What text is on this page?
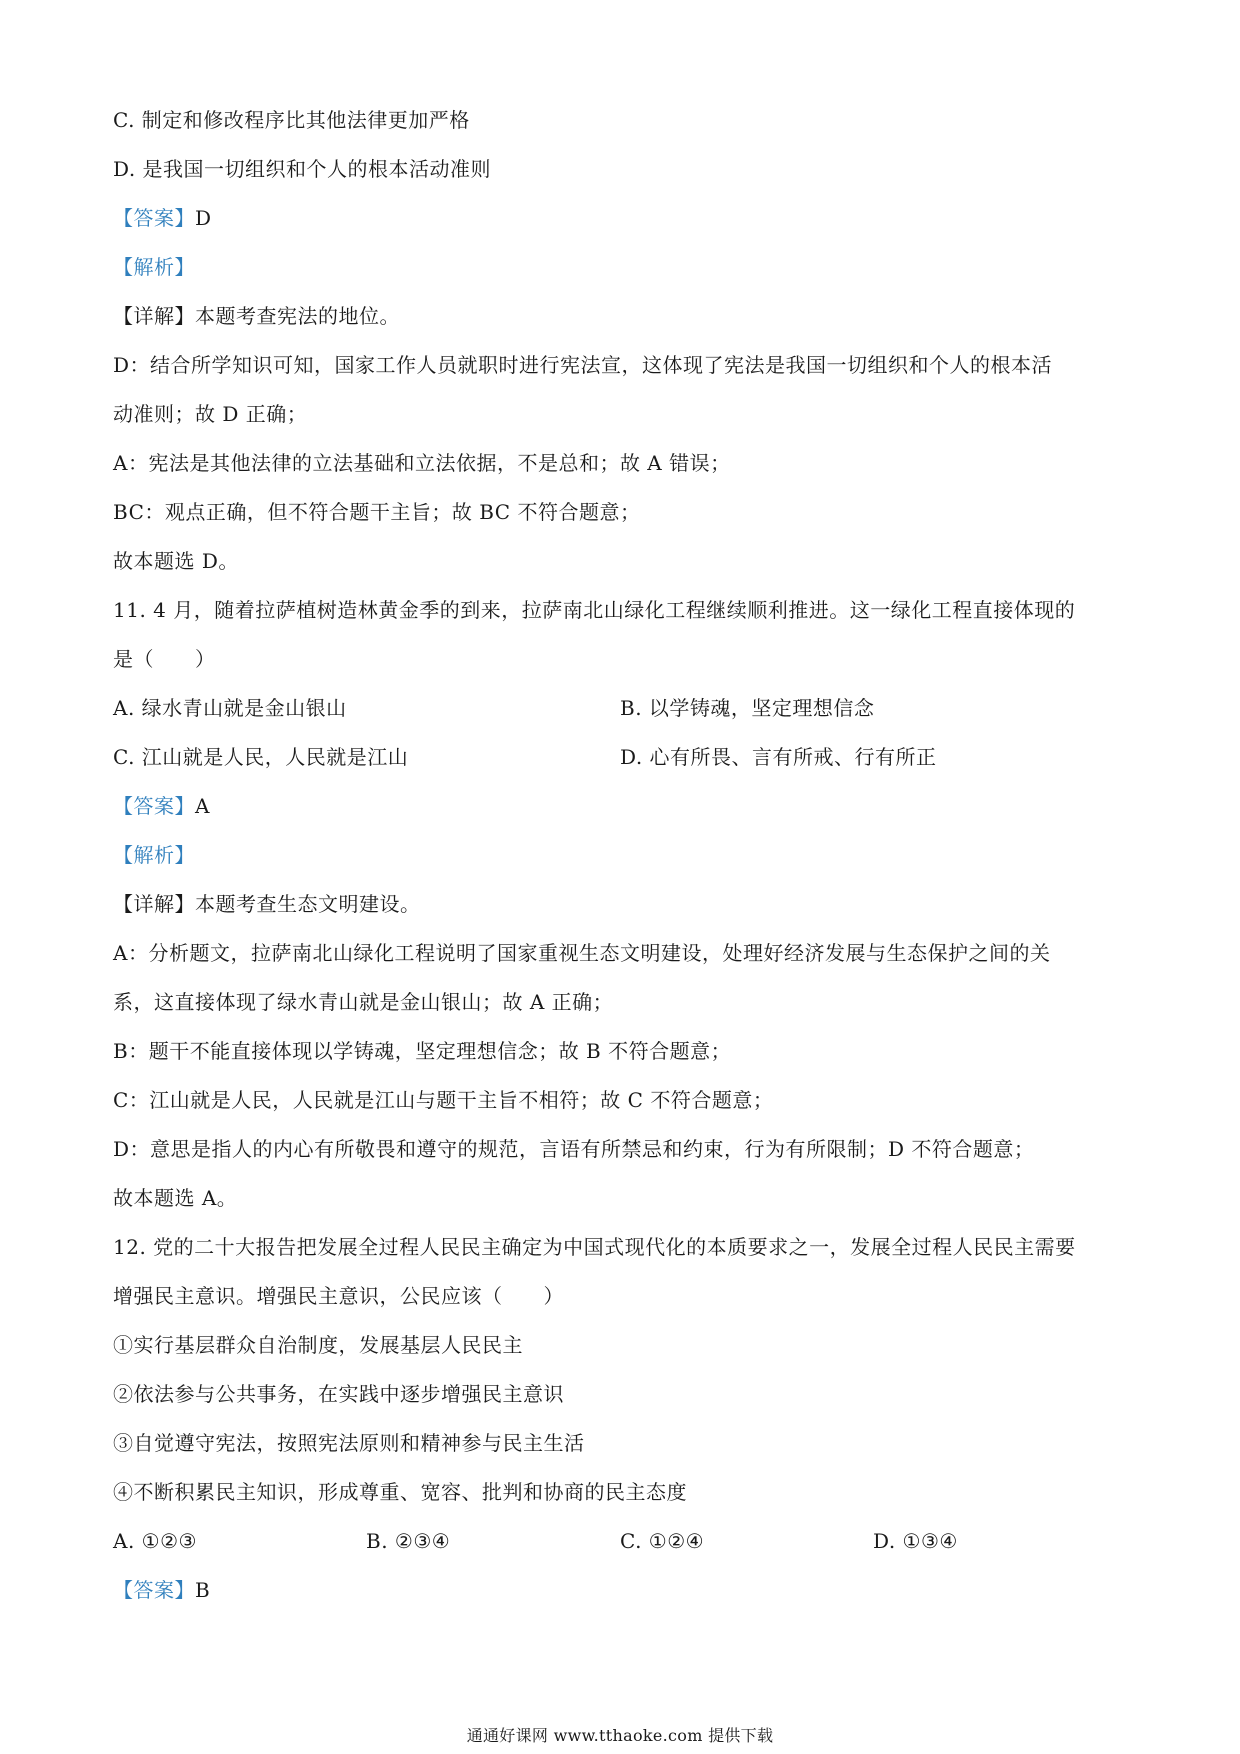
C. 制定和修改程序比其他法律更加严格
D. 是我国一切组织和个人的根本活动准则
【答案】D
【解析】
【详解】本题考查宪法的地位。
D：结合所学知识可知，国家工作人员就职时进行宪法宣，这体现了宪法是我国一切组织和个人的根本活
动准则；故 D 正确；
A：宪法是其他法律的立法基础和立法依据，不是总和；故 A 错误；
BC：观点正确，但不符合题干主旨；故 BC 不符合题意；
故本题选 D。
11. 4 月，随着拉萨植树造林黄金季的到来，拉萨南北山绿化工程继续顺利推进。这一绿化工程直接体现的
是（　　）
A. 绿水青山就是金山银山	B. 以学铸魂，坚定理想信念
C. 江山就是人民，人民就是江山	D. 心有所畏、言有所戒、行有所正
【答案】A
【解析】
【详解】本题考查生态文明建设。
A：分析题文，拉萨南北山绿化工程说明了国家重视生态文明建设，处理好经济发展与生态保护之间的关
系，这直接体现了绿水青山就是金山银山；故 A 正确；
B：题干不能直接体现以学铸魂，坚定理想信念；故 B 不符合题意；
C：江山就是人民，人民就是江山与题干主旨不相符；故 C 不符合题意；
D：意思是指人的内心有所敬畏和遵守的规范，言语有所禁忌和约束，行为有所限制；D 不符合题意；
故本题选 A。
12. 党的二十大报告把发展全过程人民民主确定为中国式现代化的本质要求之一，发展全过程人民民主需要
增强民主意识。增强民主意识，公民应该（　　）
①实行基层群众自治制度，发展基层人民民主
②依法参与公共事务，在实践中逐步增强民主意识
③自觉遵守宪法，按照宪法原则和精神参与民主生活
④不断积累民主知识，形成尊重、宽容、批判和协商的民主态度
A. ①②③	B. ②③④	C. ①②④	D. ①③④
【答案】B
通通好课网 www.tthaoke.com 提供下载
